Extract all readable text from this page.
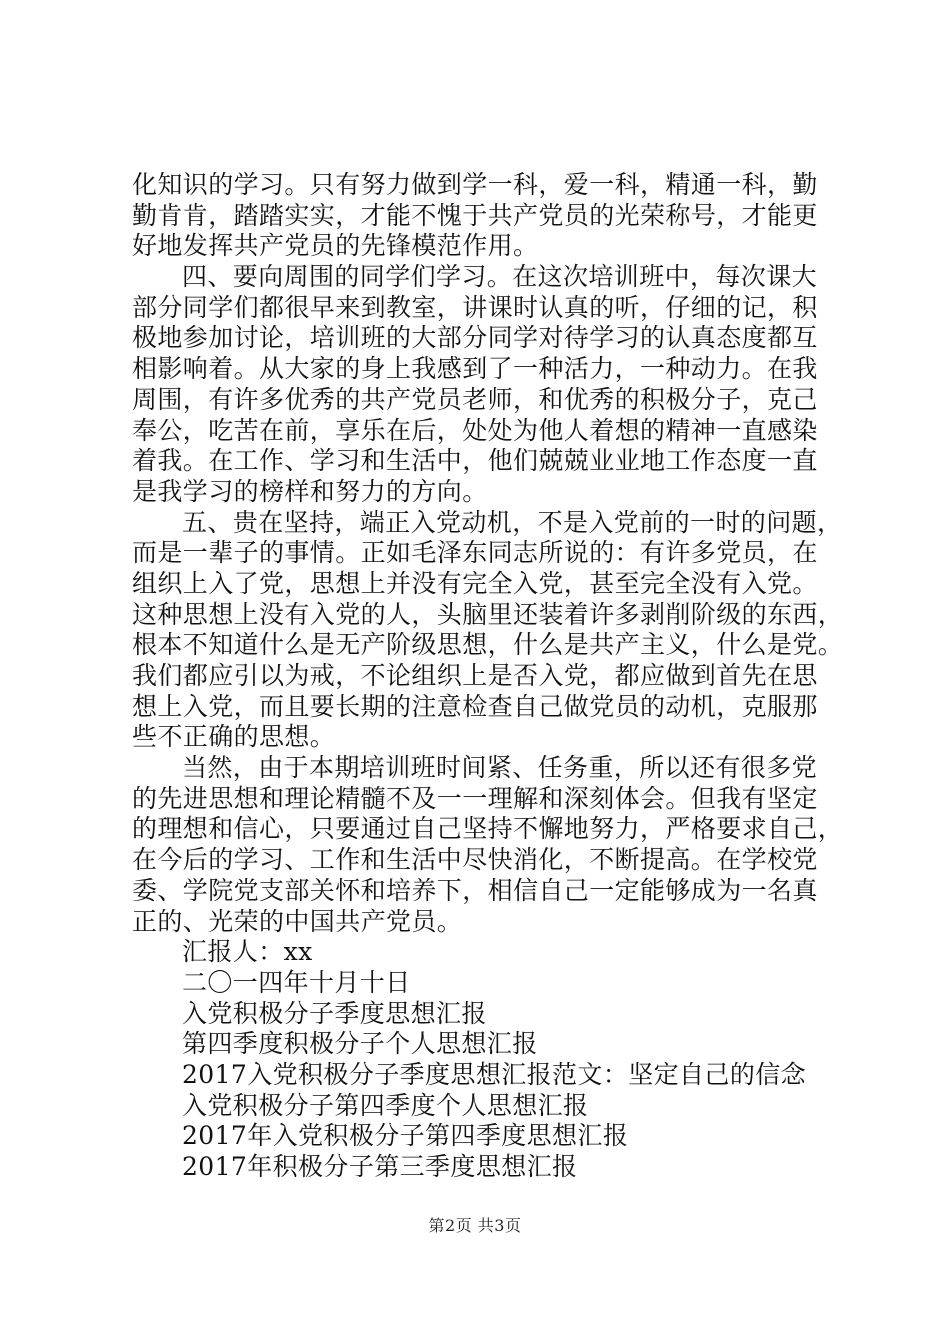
化知识的学习。只有努力做到学一科，爱一科，精通一科，勤
勤肯肯，踏踏实实，才能不愧于共产党员的光荣称号，才能更
好地发挥共产党员的先锋模范作用。
四、要向周围的同学们学习。在这次培训班中，每次课大
部分同学们都很早来到教室，讲课时认真的听，仔细的记，积
极地参加讨论，培训班的大部分同学对待学习的认真态度都互
相影响着。从大家的身上我感到了一种活力，一种动力。在我
周围，有许多优秀的共产党员老师，和优秀的积极分子，克己
奉公，吃苦在前，享乐在后，处处为他人着想的精神一直感染
着我。在工作、学习和生活中，他们兢兢业业地工作态度一直
是我学习的榜样和努力的方向。
五、贵在坚持，端正入党动机，不是入党前的一时的问题，
而是一辈子的事情。正如毛泽东同志所说的：有许多党员，在
组织上入了党，思想上并没有完全入党，甚至完全没有入党。
这种思想上没有入党的人，头脑里还装着许多剥削阶级的东西，
根本不知道什么是无产阶级思想，什么是共产主义，什么是党。
我们都应引以为戒，不论组织上是否入党，都应做到首先在思
想上入党，而且要长期的注意检查自己做党员的动机，克服那
些不正确的思想。
当然，由于本期培训班时间紧、任务重，所以还有很多党
的先进思想和理论精髓不及一一理解和深刻体会。但我有坚定
的理想和信心，只要通过自己坚持不懈地努力，严格要求自己，
在今后的学习、工作和生活中尽快消化，不断提高。在学校党
委、学院党支部关怀和培养下，相信自己一定能够成为一名真
正的、光荣的中国共产党员。
汇报人：xx
二〇一四年十月十日
入党积极分子季度思想汇报
第四季度积极分子个人思想汇报
2017入党积极分子季度思想汇报范文：坚定自己的信念
入党积极分子第四季度个人思想汇报
2017年入党积极分子第四季度思想汇报
2017年积极分子第三季度思想汇报
第2页 共3页
